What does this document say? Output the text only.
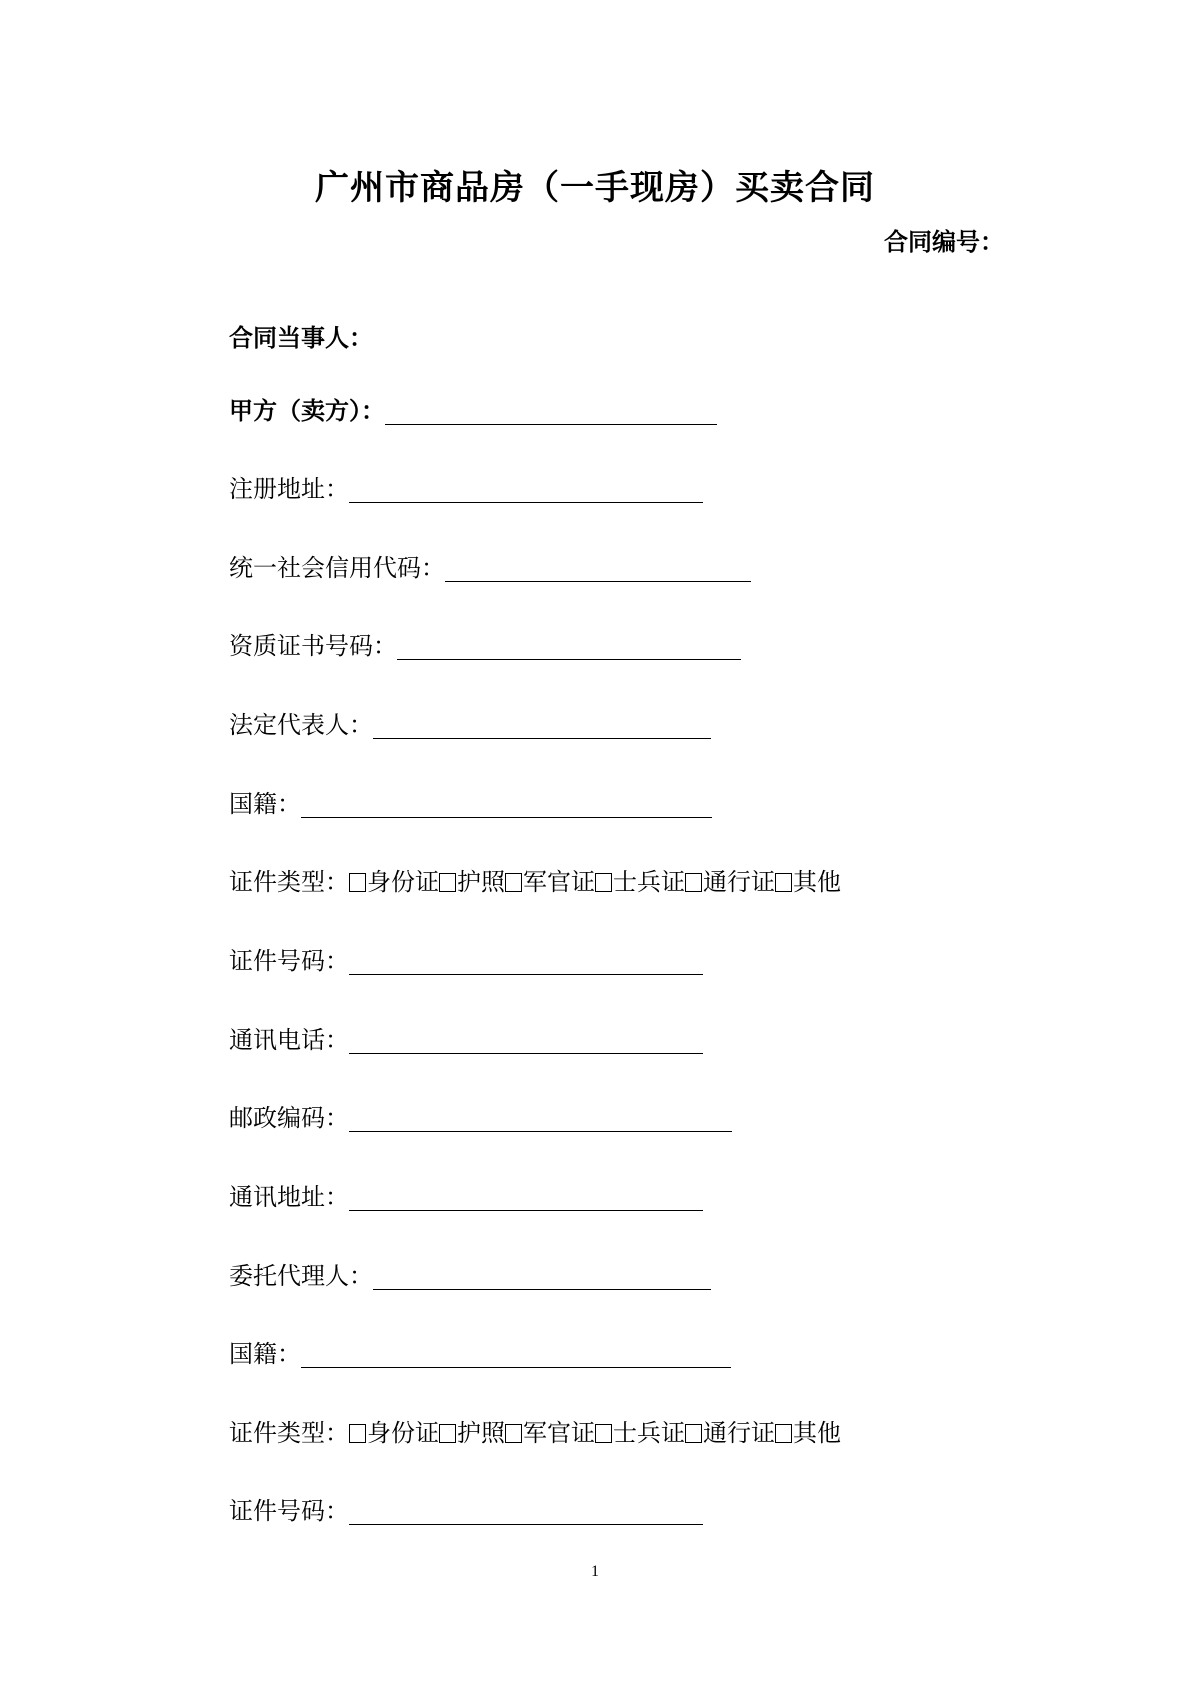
广州市商品房（一手现房）买卖合同
合同编号：
合同当事人：
甲方（卖方）：
注册地址：
统一社会信用代码：
资质证书号码：
法定代表人：
国籍：
证件类型： 身份证 护照 军官证 士兵证 通行证 其他
证件号码：
通讯电话：
邮政编码：
通讯地址：
委托代理人：
国籍：
证件类型： 身份证 护照 军官证 士兵证 通行证 其他
证件号码：
1
